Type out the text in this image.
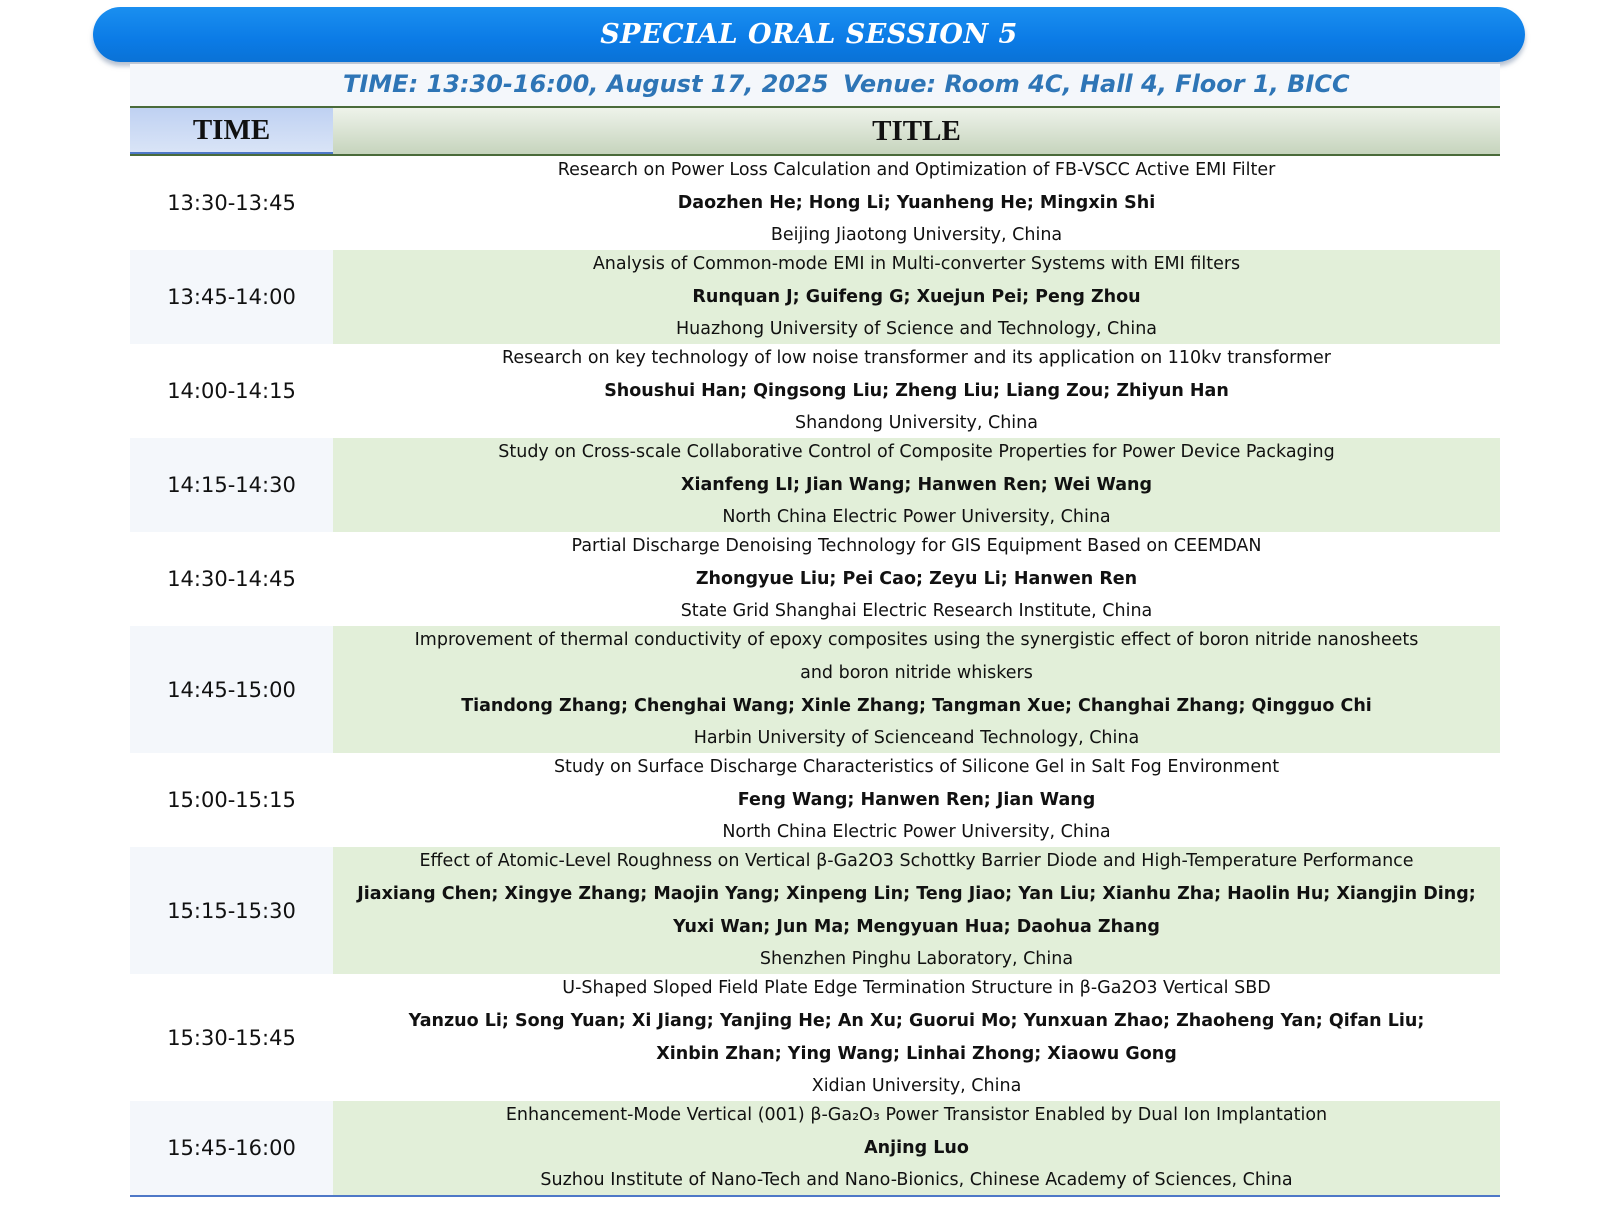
SPECIAL ORAL SESSION 5
TIME: 13:30-16:00, August 17, 2025 Venue: Room 4C, Hall 4, Floor 1, BICC
TIME	TITLE
13:30-13:45
Research on Power Loss Calculation and Optimization of FB-VSCC Active EMI Filter
Daozhen He; Hong Li; Yuanheng He; Mingxin Shi
Beijing Jiaotong University, China
13:45-14:00
Analysis of Common-mode EMI in Multi-converter Systems with EMI filters
Runquan J; Guifeng G; Xuejun Pei; Peng Zhou
Huazhong University of Science and Technology, China
14:00-14:15
Research on key technology of low noise transformer and its application on 110kv transformer
Shoushui Han; Qingsong Liu; Zheng Liu; Liang Zou; Zhiyun Han
Shandong University, China
14:15-14:30
Study on Cross-scale Collaborative Control of Composite Properties for Power Device Packaging
Xianfeng LI; Jian Wang; Hanwen Ren; Wei Wang
North China Electric Power University, China
14:30-14:45
Partial Discharge Denoising Technology for GIS Equipment Based on CEEMDAN
Zhongyue Liu; Pei Cao; Zeyu Li; Hanwen Ren
State Grid Shanghai Electric Research Institute, China
14:45-15:00
Improvement of thermal conductivity of epoxy composites using the synergistic effect of boron nitride nanosheets
and boron nitride whiskers
Tiandong Zhang; Chenghai Wang; Xinle Zhang; Tangman Xue; Changhai Zhang; Qingguo Chi
Harbin University of Scienceand Technology, China
15:00-15:15
Study on Surface Discharge Characteristics of Silicone Gel in Salt Fog Environment
Feng Wang; Hanwen Ren; Jian Wang
North China Electric Power University, China
15:15-15:30
Effect of Atomic-Level Roughness on Vertical β-Ga2O3 Schottky Barrier Diode and High-Temperature Performance
Jiaxiang Chen; Xingye Zhang; Maojin Yang; Xinpeng Lin; Teng Jiao; Yan Liu; Xianhu Zha; Haolin Hu; Xiangjin Ding;
Yuxi Wan; Jun Ma; Mengyuan Hua; Daohua Zhang
Shenzhen Pinghu Laboratory, China
15:30-15:45
U-Shaped Sloped Field Plate Edge Termination Structure in β-Ga2O3 Vertical SBD
Yanzuo Li; Song Yuan; Xi Jiang; Yanjing He; An Xu; Guorui Mo; Yunxuan Zhao; Zhaoheng Yan; Qifan Liu;
Xinbin Zhan; Ying Wang; Linhai Zhong; Xiaowu Gong
Xidian University, China
15:45-16:00
Enhancement-Mode Vertical (001) β-Ga₂O₃ Power Transistor Enabled by Dual Ion Implantation
Anjing Luo
Suzhou Institute of Nano-Tech and Nano-Bionics, Chinese Academy of Sciences, China
